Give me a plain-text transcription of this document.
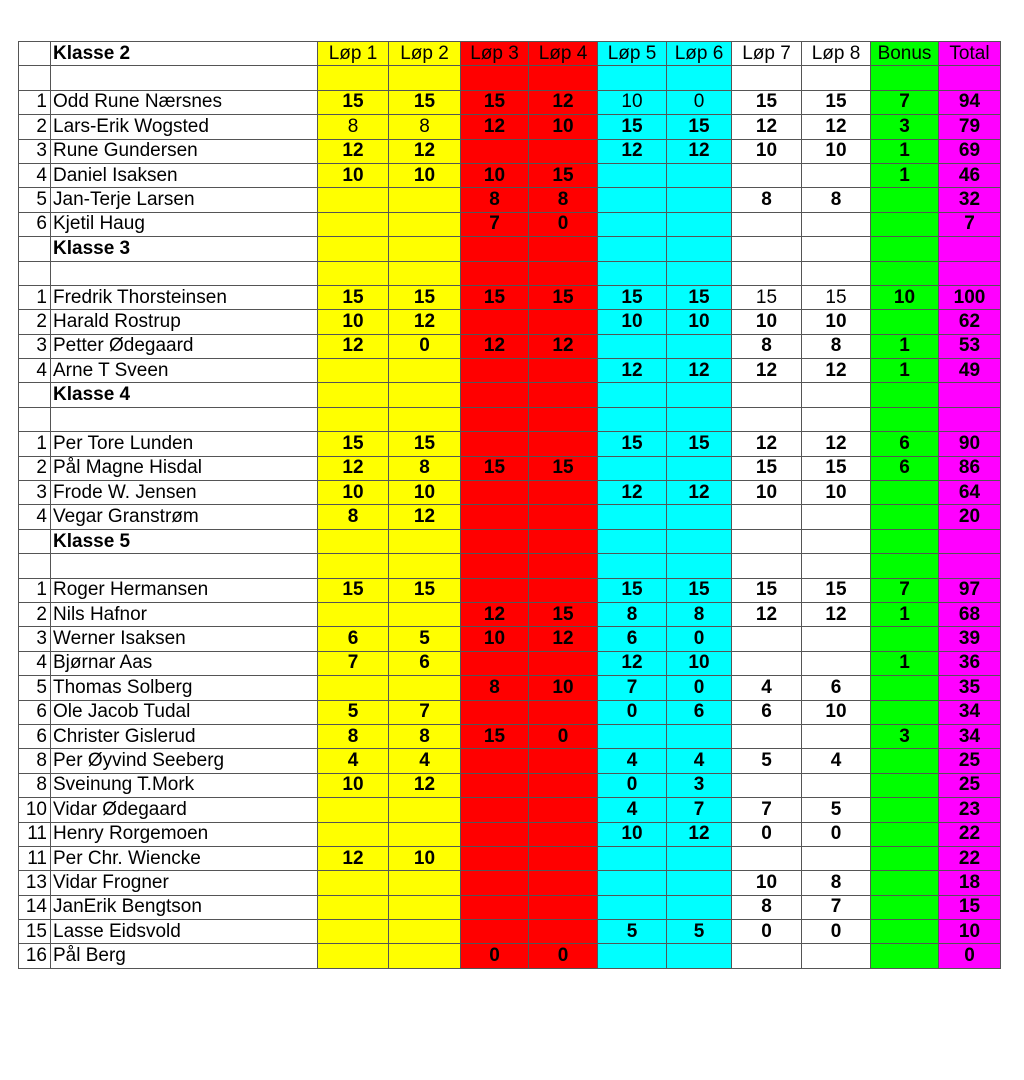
	Klasse 2	Løp 1	Løp 2	Løp 3	Løp 4	Løp 5	Løp 6	Løp 7	Løp 8	Bonus	Total

1	Odd Rune Nærsnes	15	15	15	12	10	0	15	15	7	94
2	Lars-Erik Wogsted	8	8	12	10	15	15	12	12	3	79
3	Rune Gundersen	12	12			12	12	10	10	1	69
4	Daniel Isaksen	10	10	10	15					1	46
5	Jan-Terje Larsen			8	8			8	8		32
6	Kjetil Haug			7	0						7
	Klasse 3										

1	Fredrik Thorsteinsen	15	15	15	15	15	15	15	15	10	100
2	Harald Rostrup	10	12			10	10	10	10		62
3	Petter Ødegaard	12	0	12	12			8	8	1	53
4	Arne T Sveen					12	12	12	12	1	49
	Klasse 4										

1	Per Tore Lunden	15	15			15	15	12	12	6	90
2	Pål Magne Hisdal	12	8	15	15			15	15	6	86
3	Frode W. Jensen	10	10			12	12	10	10		64
4	Vegar Granstrøm	8	12								20
	Klasse 5										

1	Roger Hermansen	15	15			15	15	15	15	7	97
2	Nils Hafnor			12	15	8	8	12	12	1	68
3	Werner Isaksen	6	5	10	12	6	0				39
4	Bjørnar Aas	7	6			12	10			1	36
5	Thomas Solberg			8	10	7	0	4	6		35
6	Ole Jacob Tudal	5	7			0	6	6	10		34
6	Christer Gislerud	8	8	15	0					3	34
8	Per Øyvind Seeberg	4	4			4	4	5	4		25
8	Sveinung T.Mork	10	12			0	3				25
10	Vidar Ødegaard					4	7	7	5		23
11	Henry Rorgemoen					10	12	0	0		22
11	Per Chr. Wiencke	12	10								22
13	Vidar Frogner							10	8		18
14	JanErik Bengtson							8	7		15
15	Lasse Eidsvold					5	5	0	0		10
16	Pål Berg			0	0						0
